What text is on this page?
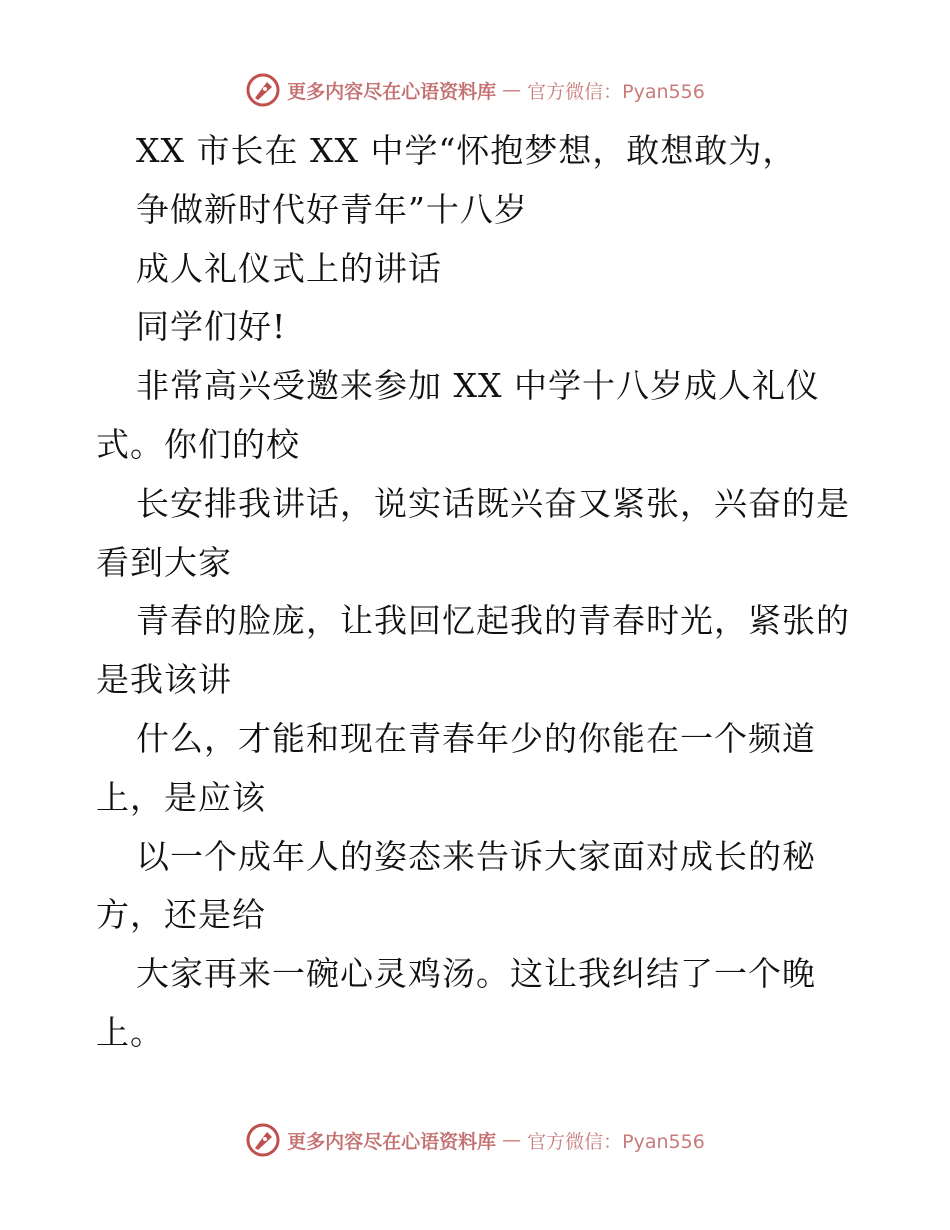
更多内容尽在心语资料库 — 官方微信：Pyan556
XX 市长在 XX 中学“怀抱梦想，敢想敢为，
争做新时代好青年”十八岁
成人礼仪式上的讲话
同学们好!
非常高兴受邀来参加 XX 中学十八岁成人礼仪
式。你们的校
长安排我讲话，说实话既兴奋又紧张，兴奋的是
看到大家
青春的脸庞，让我回忆起我的青春时光，紧张的
是我该讲
什么，才能和现在青春年少的你能在一个频道
上，是应该
以一个成年人的姿态来告诉大家面对成长的秘
方，还是给
大家再来一碗心灵鸡汤。这让我纠结了一个晚
上。
更多内容尽在心语资料库 — 官方微信：Pyan556
